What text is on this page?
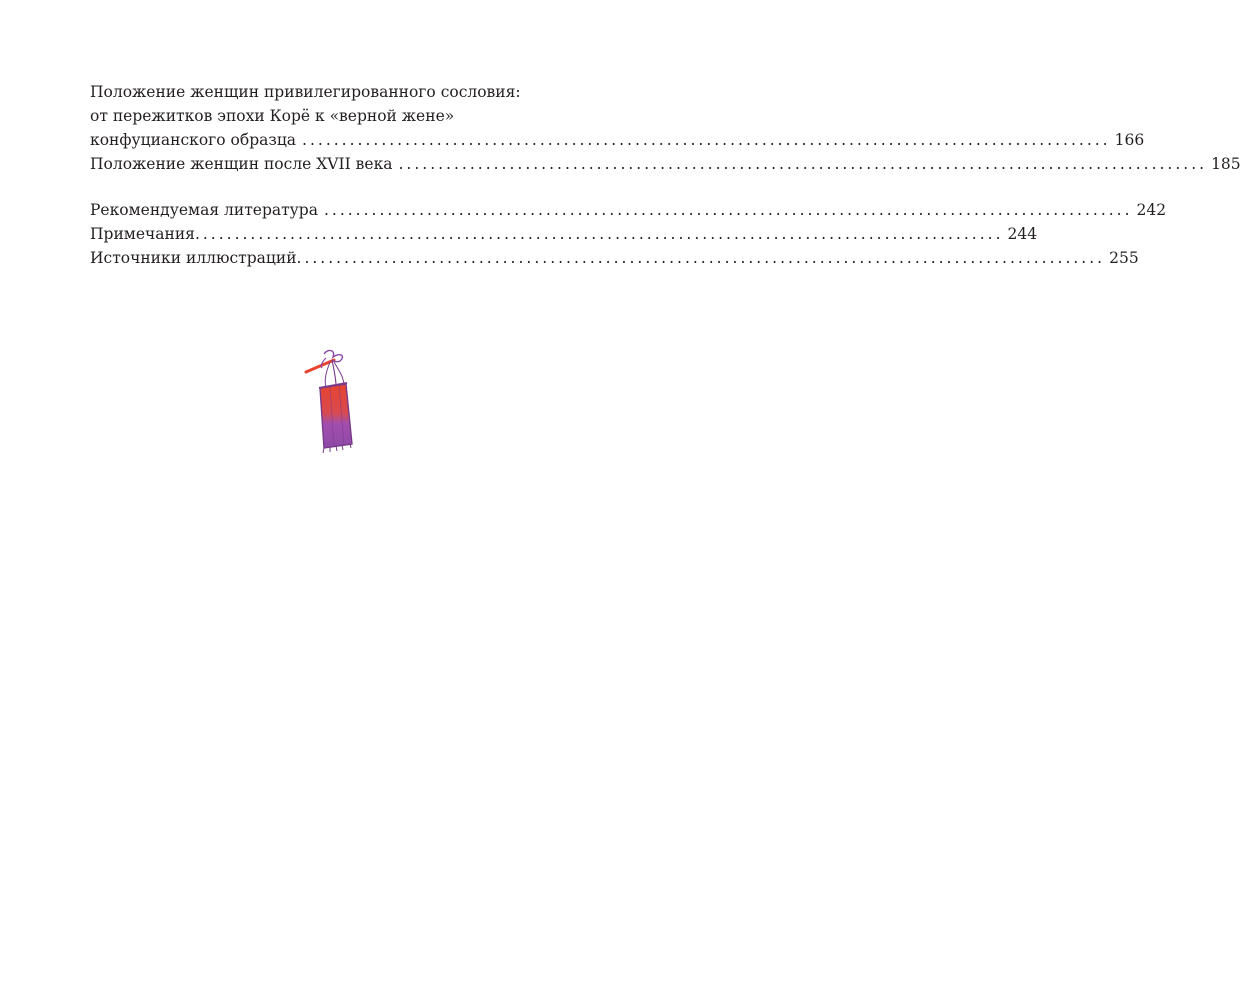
Положение женщин привилегированного сословия:
от пережитков эпохи Корё к «верной жене»
конфуцианского образца ...................................................................................................... 166
Положение женщин после XVII века ...................................................................................................... 185
Рекомендуемая литература ...................................................................................................... 242
Примечания ...................................................................................................... 244
Источники иллюстраций ...................................................................................................... 255
